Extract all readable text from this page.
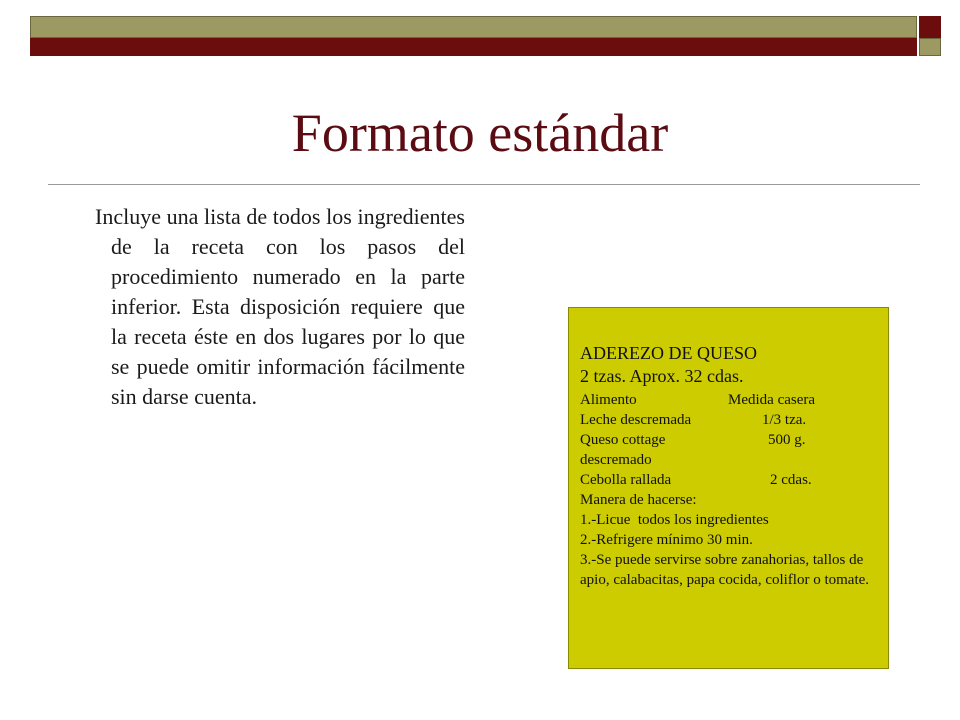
Formato estándar
Incluye una lista de todos los ingredientes de la receta con los pasos del procedimiento numerado en la parte inferior. Esta disposición requiere que la receta éste en dos lugares por lo que se puede omitir información fácilmente sin darse cuenta.
ADEREZO DE QUESO
2 tzas. Aprox. 32 cdas.
Alimento	Medida casera
Leche descremada	1/3 tza.
Queso cottage	500 g.
descremado
Cebolla rallada	2 cdas.
Manera de hacerse:
1.-Licue  todos los ingredientes
2.-Refrigere mínimo 30 min.
3.-Se puede servirse sobre zanahorias, tallos de apio, calabacitas, papa cocida, coliflor o tomate.
